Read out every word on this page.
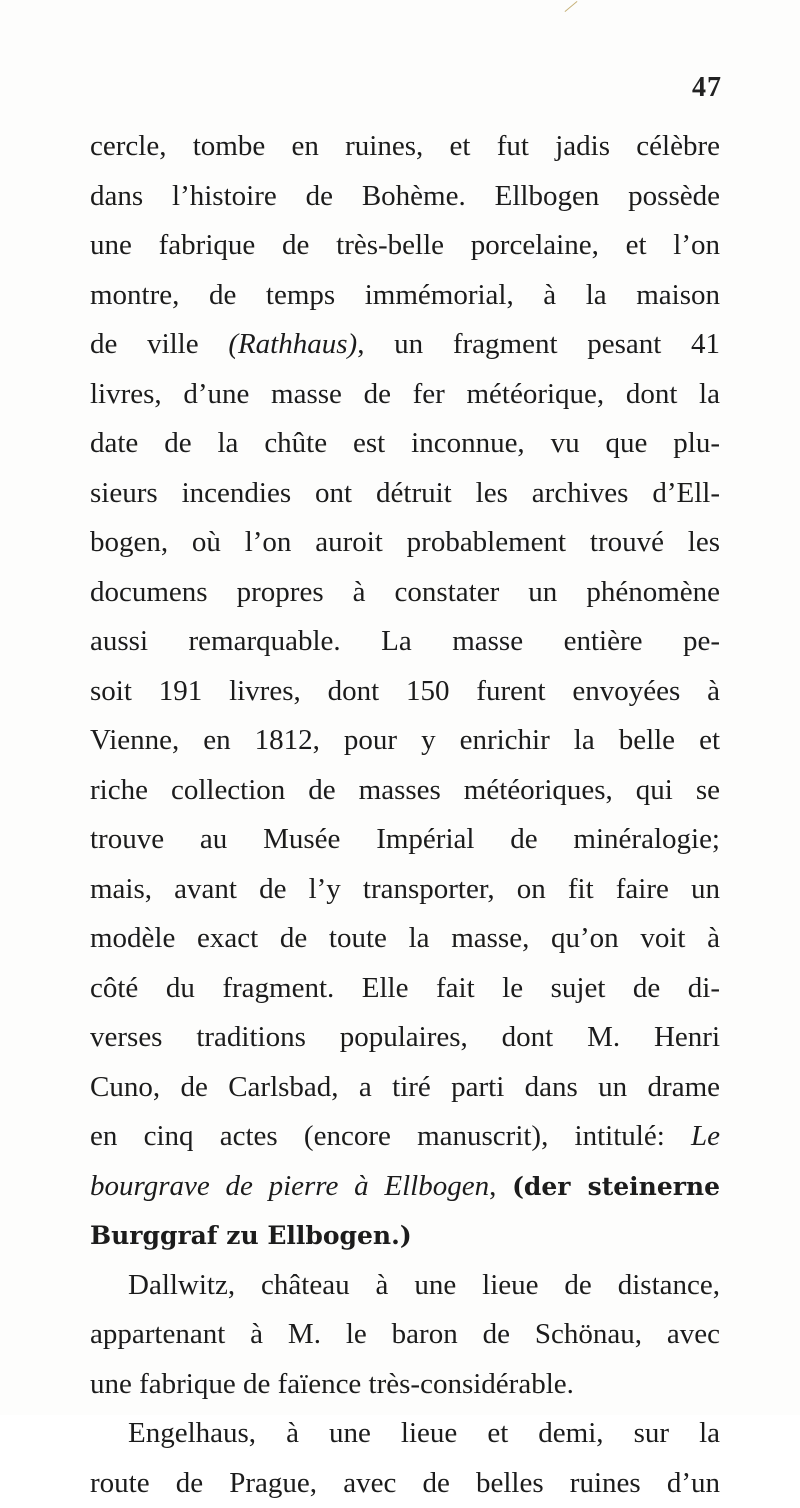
47
cercle, tombe en ruines, et fut jadis célèbre
dans l’histoire de Bohème. Ellbogen possède
une fabrique de très-belle porcelaine, et l’on
montre, de temps immémorial, à la maison
de ville (Rathhaus), un fragment pesant 41
livres, d’une masse de fer météorique, dont la
date de la chûte est inconnue, vu que plu-
sieurs incendies ont détruit les archives d’Ell-
bogen, où l’on auroit probablement trouvé les
documens propres à constater un phénomène
aussi remarquable. La masse entière pe-
soit 191 livres, dont 150 furent envoyées à
Vienne, en 1812, pour y enrichir la belle et
riche collection de masses météoriques, qui se
trouve au Musée Impérial de minéralogie;
mais, avant de l’y transporter, on fit faire un
modèle exact de toute la masse, qu’on voit à
côté du fragment. Elle fait le sujet de di-
verses traditions populaires, dont M. Henri
Cuno, de Carlsbad, a tiré parti dans un drame
en cinq actes (encore manuscrit), intitulé: Le
bourgrave de pierre à Ellbogen, (der steinerne
Burggraf zu Ellbogen.)
Dallwitz, château à une lieue de distance,
appartenant à M. le baron de Schönau, avec
une fabrique de faïence très-considérable.
Engelhaus, à une lieue et demi, sur la
route de Prague, avec de belles ruines d’un
